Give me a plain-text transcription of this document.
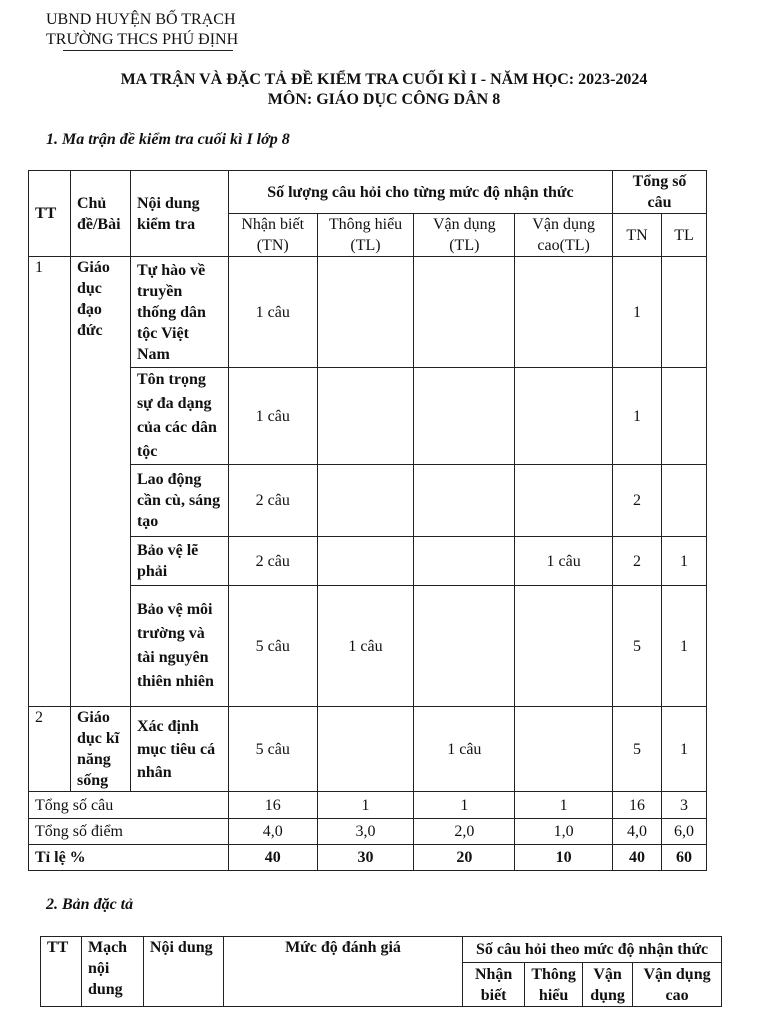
UBND HUYỆN BỐ TRẠCH
TRƯỜNG THCS PHÚ ĐỊNH
MA TRẬN VÀ ĐẶC TẢ ĐỀ KIỂM TRA CUỐI KÌ I - NĂM HỌC: 2023-2024
MÔN: GIÁO DỤC CÔNG DÂN 8
1. Ma trận đề kiểm tra cuối kì I lớp 8
TT	Chủ đề/Bài	Nội dung kiểm tra	Số lượng câu hỏi cho từng mức độ nhận thức				Tổng số câu	
			Nhận biết (TN)	Thông hiểu (TL)	Vận dụng (TL)	Vận dụng cao(TL)	TN	TL
1	Giáo dục đạo đức	Tự hào về truyền thống dân tộc Việt Nam	1 câu				1	
		Tôn trọng sự đa dạng của các dân tộc	1 câu				1	
		Lao động cần cù, sáng tạo	2 câu				2	
		Bảo vệ lẽ phải	2 câu			1 câu	2	1
		Bảo vệ môi trường và tài nguyên thiên nhiên	5 câu	1 câu			5	1
2	Giáo dục kĩ năng sống	Xác định mục tiêu cá nhân	5 câu		1 câu		5	1
Tổng số câu			16	1	1	1	16	3
Tổng số điểm			4,0	3,0	2,0	1,0	4,0	6,0
Tỉ lệ %			40	30	20	10	40	60
2. Bản đặc tả
TT	Mạch nội dung	Nội dung	Mức độ đánh giá	Số câu hỏi theo mức độ nhận thức			
				Nhận biết	Thông hiểu	Vận dụng	Vận dụng cao
